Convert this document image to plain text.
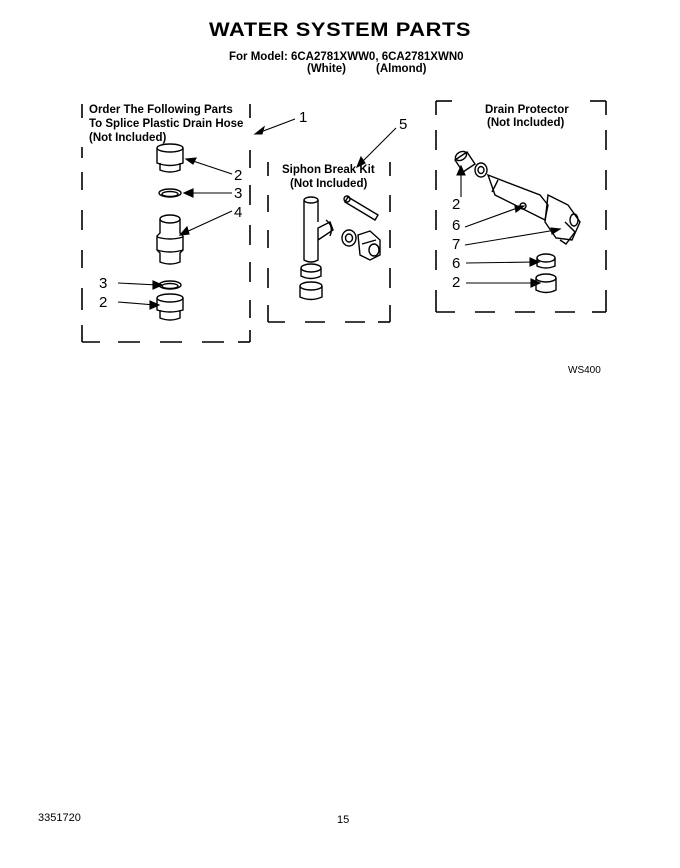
WATER SYSTEM PARTS
For Model: 6CA2781XWW0, 6CA2781XWN0
(White)	(Almond)
Order The Following Parts
To Splice Plastic Drain Hose
(Not Included)
Siphon Break Kit
(Not Included)
Drain Protector
(Not Included)
1	5
2
3
4
3
2
2
6
7
6
2
WS400
3351720	15
